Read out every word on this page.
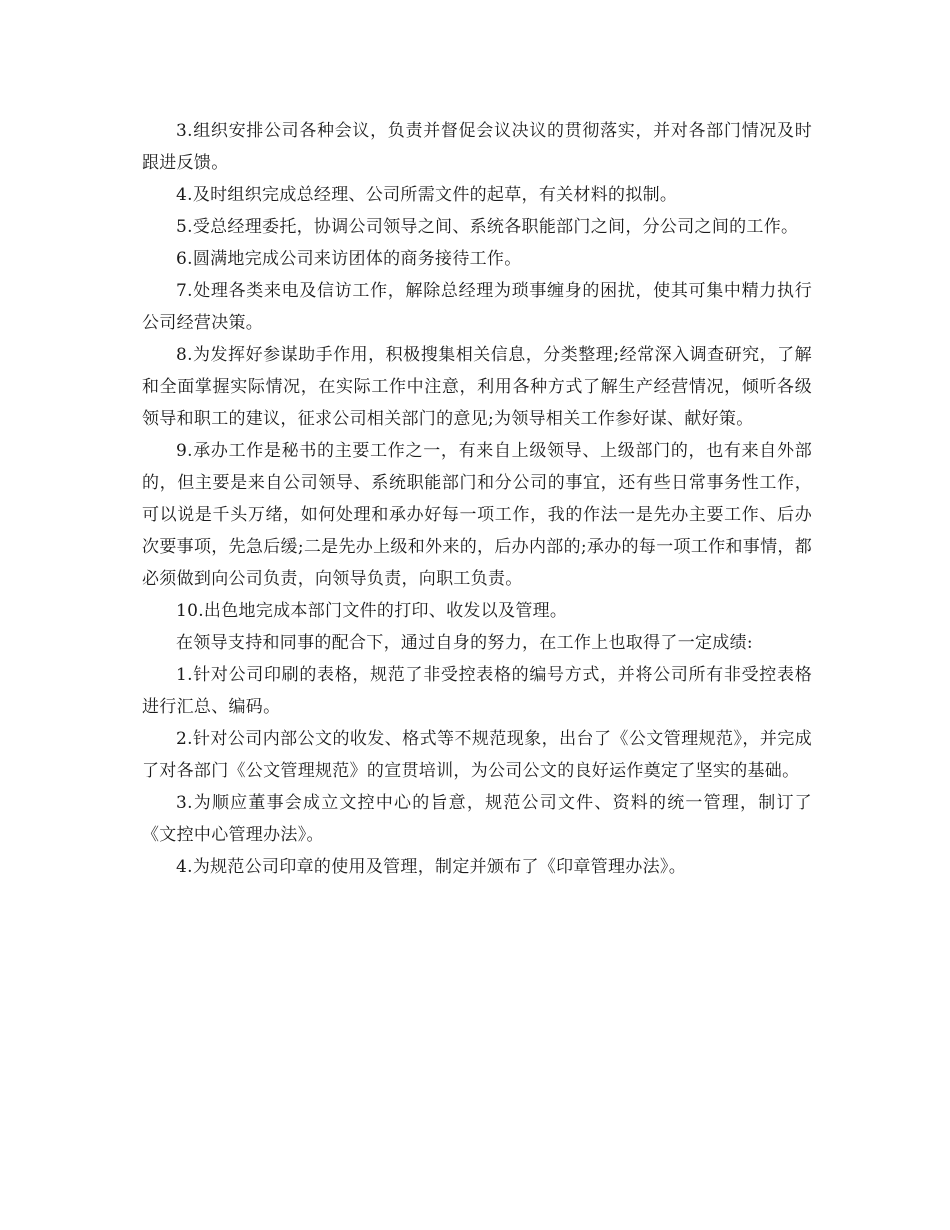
3.组织安排公司各种会议，负责并督促会议决议的贯彻落实，并对各部门情况及时跟进反馈。

4.及时组织完成总经理、公司所需文件的起草，有关材料的拟制。

5.受总经理委托，协调公司领导之间、系统各职能部门之间，分公司之间的工作。

6.圆满地完成公司来访团体的商务接待工作。

7.处理各类来电及信访工作，解除总经理为琐事缠身的困扰，使其可集中精力执行公司经营决策。

8.为发挥好参谋助手作用，积极搜集相关信息，分类整理;经常深入调查研究，了解和全面掌握实际情况，在实际工作中注意，利用各种方式了解生产经营情况，倾听各级领导和职工的建议，征求公司相关部门的意见;为领导相关工作参好谋、献好策。

9.承办工作是秘书的主要工作之一，有来自上级领导、上级部门的，也有来自外部的，但主要是来自公司领导、系统职能部门和分公司的事宜，还有些日常事务性工作，可以说是千头万绪，如何处理和承办好每一项工作，我的作法一是先办主要工作、后办次要事项，先急后缓;二是先办上级和外来的，后办内部的;承办的每一项工作和事情，都必须做到向公司负责，向领导负责，向职工负责。

10.出色地完成本部门文件的打印、收发以及管理。

在领导支持和同事的配合下，通过自身的努力，在工作上也取得了一定成绩:

1.针对公司印刷的表格，规范了非受控表格的编号方式，并将公司所有非受控表格进行汇总、编码。

2.针对公司内部公文的收发、格式等不规范现象，出台了《公文管理规范》，并完成了对各部门《公文管理规范》的宣贯培训，为公司公文的良好运作奠定了坚实的基础。

3.为顺应董事会成立文控中心的旨意，规范公司文件、资料的统一管理，制订了《文控中心管理办法》。

4.为规范公司印章的使用及管理，制定并颁布了《印章管理办法》。
